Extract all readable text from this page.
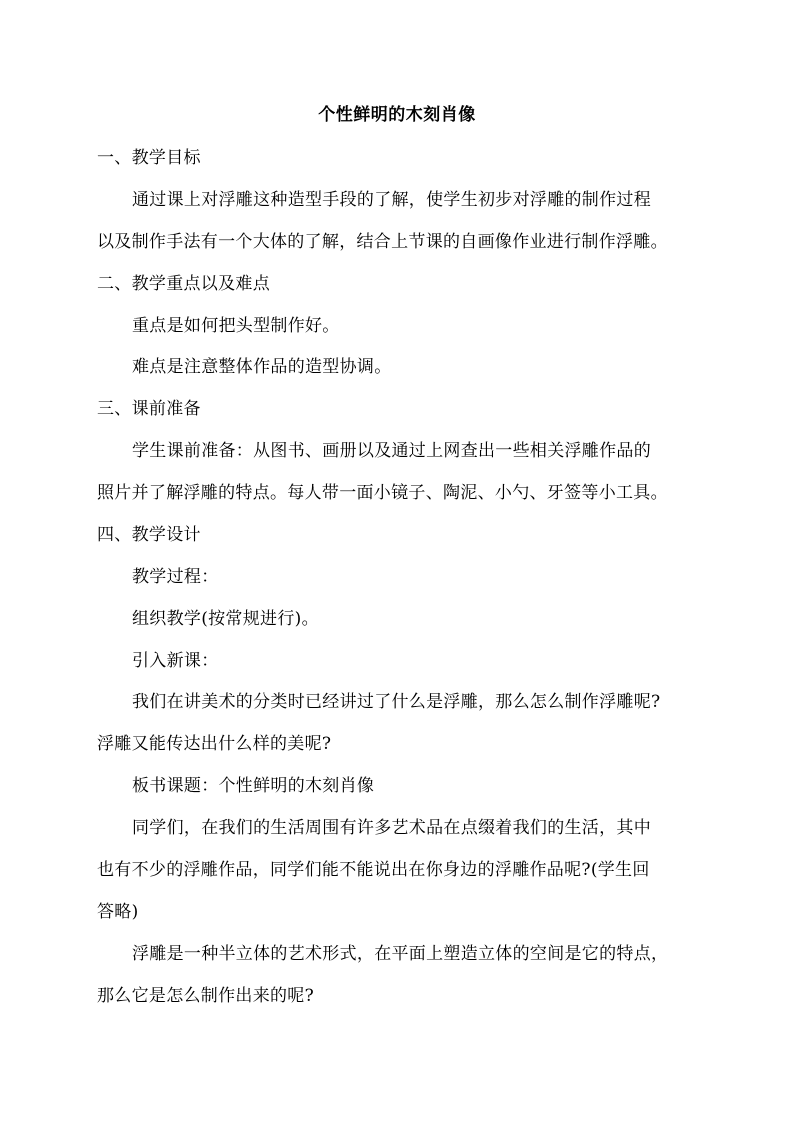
个性鲜明的木刻肖像
一、教学目标
通过课上对浮雕这种造型手段的了解，使学生初步对浮雕的制作过程
以及制作手法有一个大体的了解，结合上节课的自画像作业进行制作浮雕。
二、教学重点以及难点
重点是如何把头型制作好。
难点是注意整体作品的造型协调。
三、课前准备
学生课前准备：从图书、画册以及通过上网查出一些相关浮雕作品的
照片并了解浮雕的特点。每人带一面小镜子、陶泥、小勺、牙签等小工具。
四、教学设计
教学过程：
组织教学(按常规进行)。
引入新课：
我们在讲美术的分类时已经讲过了什么是浮雕，那么怎么制作浮雕呢?
浮雕又能传达出什么样的美呢?
板书课题：个性鲜明的木刻肖像
同学们，在我们的生活周围有许多艺术品在点缀着我们的生活，其中
也有不少的浮雕作品，同学们能不能说出在你身边的浮雕作品呢?(学生回
答略)
浮雕是一种半立体的艺术形式，在平面上塑造立体的空间是它的特点，
那么它是怎么制作出来的呢?
